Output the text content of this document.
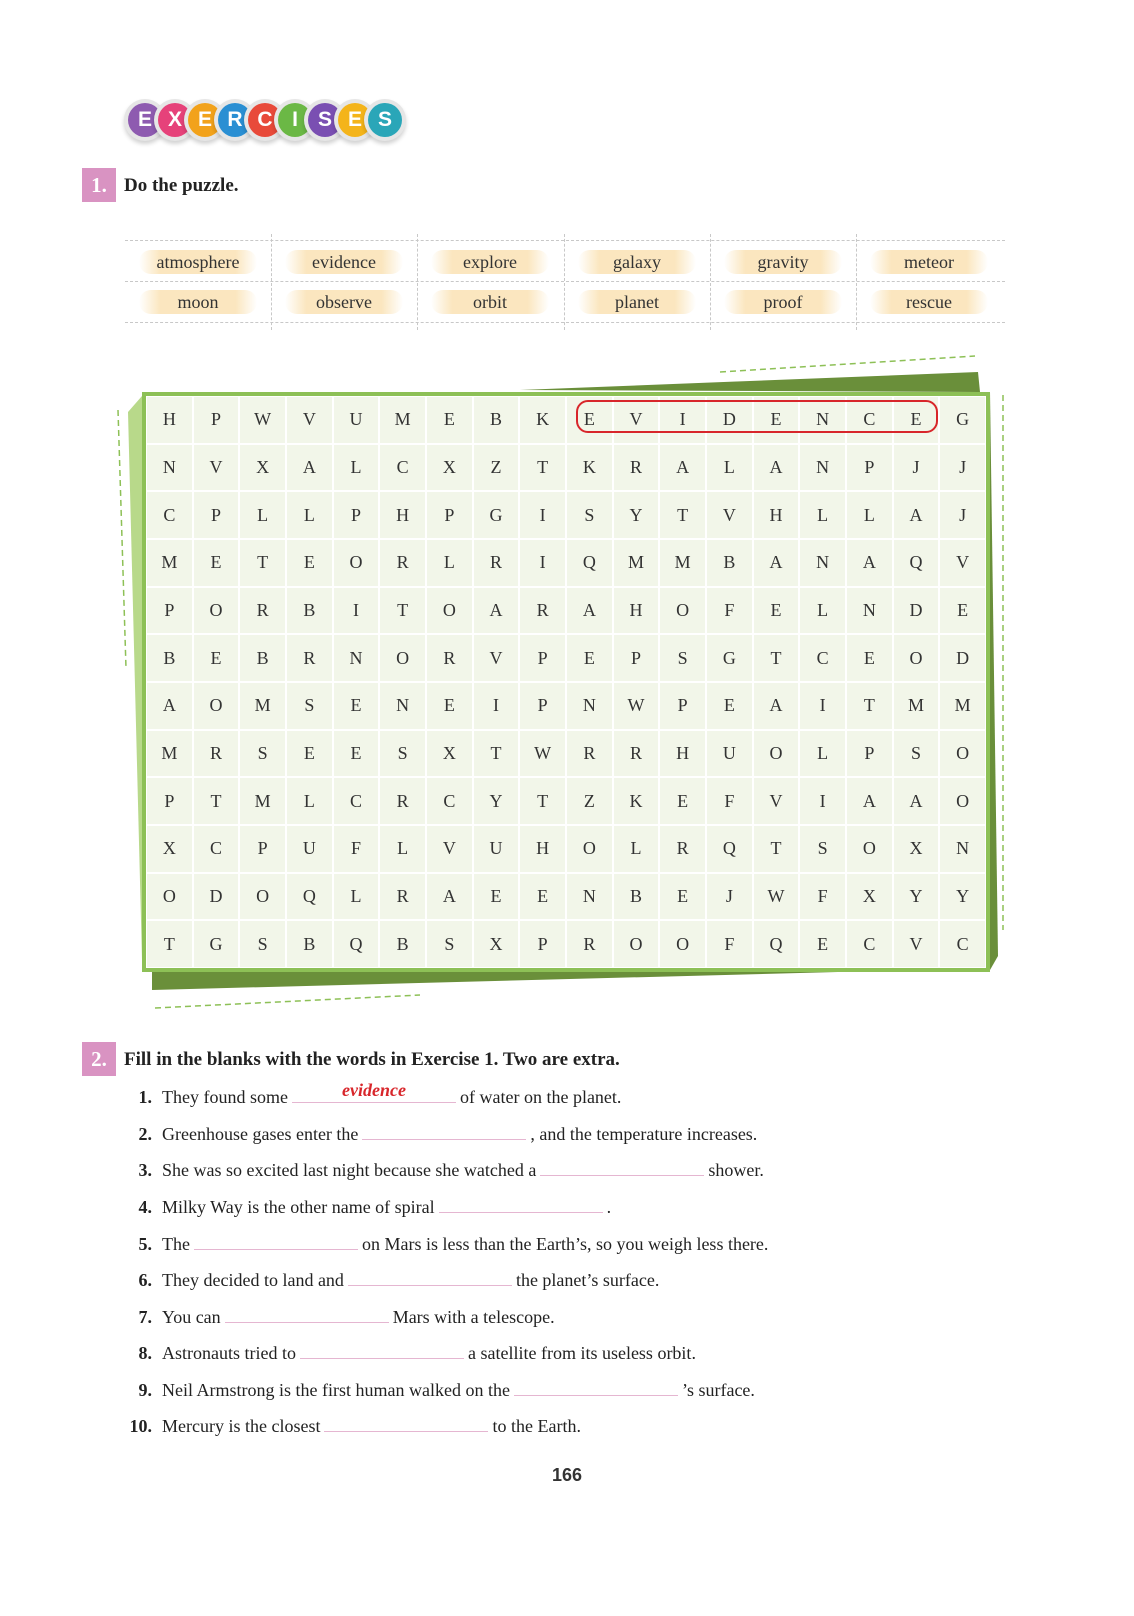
E X E R C I S E S
1. Do the puzzle.
atmosphere	evidence	explore	galaxy	gravity	meteor
moon	observe	orbit	planet	proof	rescue
H	P	W	V	U	M	E	B	K	E	V	I	D	E	N	C	E	G
N	V	X	A	L	C	X	Z	T	K	R	A	L	A	N	P	J	J
C	P	L	L	P	H	P	G	I	S	Y	T	V	H	L	L	A	J
M	E	T	E	O	R	L	R	I	Q	M	M	B	A	N	A	Q	V
P	O	R	B	I	T	O	A	R	A	H	O	F	E	L	N	D	E
B	E	B	R	N	O	R	V	P	E	P	S	G	T	C	E	O	D
A	O	M	S	E	N	E	I	P	N	W	P	E	A	I	T	M	M
M	R	S	E	E	S	X	T	W	R	R	H	U	O	L	P	S	O
P	T	M	L	C	R	C	Y	T	Z	K	E	F	V	I	A	A	O
X	C	P	U	F	L	V	U	H	O	L	R	Q	T	S	O	X	N
O	D	O	Q	L	R	A	E	E	N	B	E	J	W	F	X	Y	Y
T	G	S	B	Q	B	S	X	P	R	O	O	F	Q	E	C	V	C
2. Fill in the blanks with the words in Exercise 1. Two are extra.
1. They found some	evidence	of water on the planet.
2. Greenhouse gases enter the	, and the temperature increases.
3. She was so excited last night because she watched a	shower.
4. Milky Way is the other name of spiral	.
5. The	on Mars is less than the Earth’s, so you weigh less there.
6. They decided to land and	the planet’s surface.
7. You can	Mars with a telescope.
8. Astronauts tried to	a satellite from its useless orbit.
9. Neil Armstrong is the first human walked on the	’s surface.
10. Mercury is the closest	to the Earth.
166
